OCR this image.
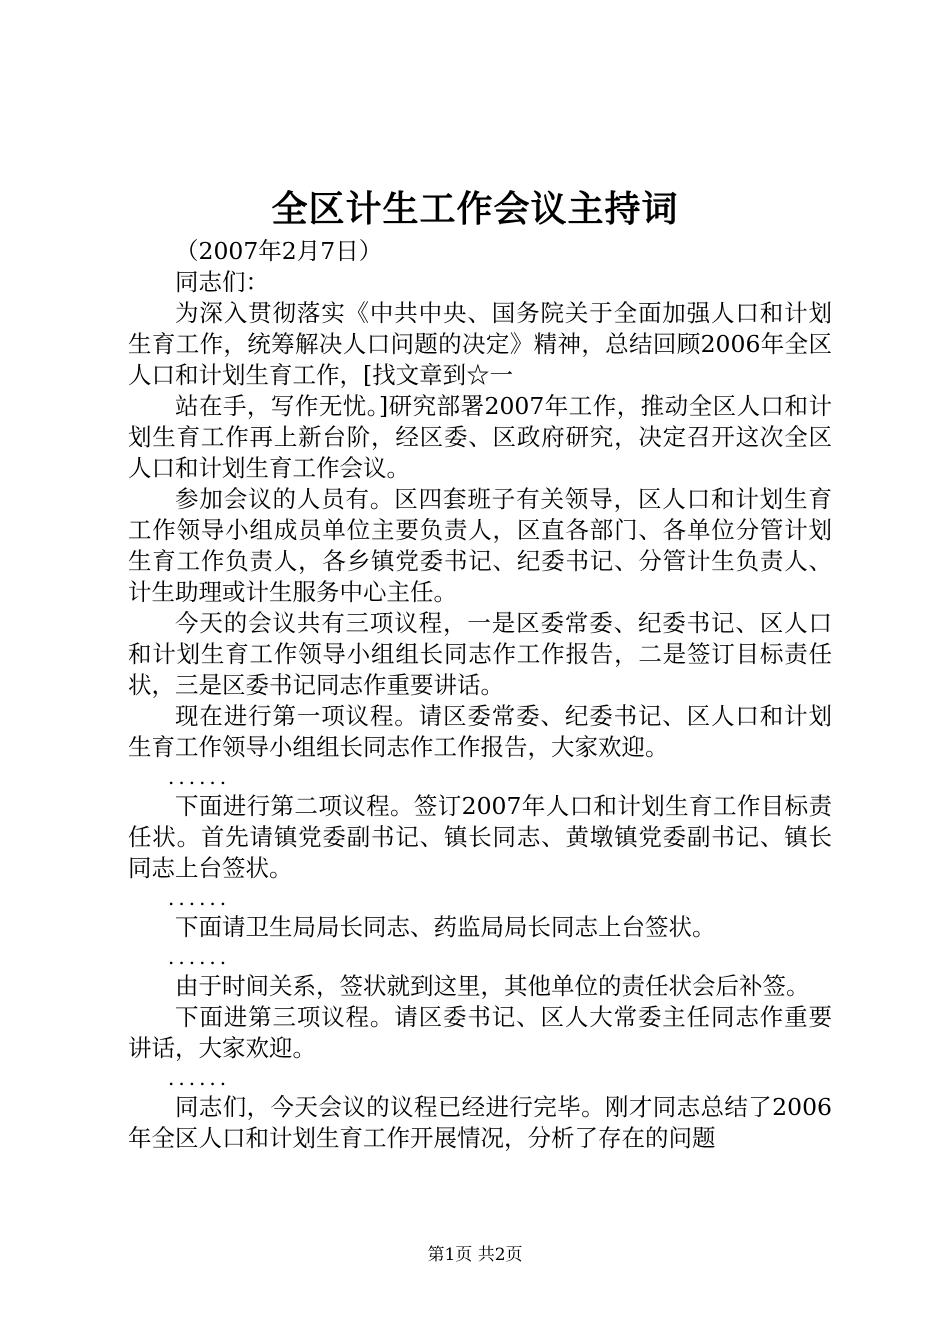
全区计生工作会议主持词

（2007年2月7日）

同志们：

为深入贯彻落实《中共中央、国务院关于全面加强人口和计划生育工作，统筹解决人口问题的决定》精神，总结回顾2006年全区人口和计划生育工作，[找文章到☆一

站在手，写作无忧。]研究部署2007年工作，推动全区人口和计划生育工作再上新台阶，经区委、区政府研究，决定召开这次全区人口和计划生育工作会议。

参加会议的人员有。区四套班子有关领导，区人口和计划生育工作领导小组成员单位主要负责人，区直各部门、各单位分管计划生育工作负责人，各乡镇党委书记、纪委书记、分管计生负责人、计生助理或计生服务中心主任。

今天的会议共有三项议程，一是区委常委、纪委书记、区人口和计划生育工作领导小组组长同志作工作报告，二是签订目标责任状，三是区委书记同志作重要讲话。

现在进行第一项议程。请区委常委、纪委书记、区人口和计划生育工作领导小组组长同志作工作报告，大家欢迎。

......

下面进行第二项议程。签订2007年人口和计划生育工作目标责任状。首先请镇党委副书记、镇长同志、黄墩镇党委副书记、镇长同志上台签状。

......

下面请卫生局局长同志、药监局局长同志上台签状。

......

由于时间关系，签状就到这里，其他单位的责任状会后补签。

下面进第三项议程。请区委书记、区人大常委主任同志作重要讲话，大家欢迎。

......

同志们，今天会议的议程已经进行完毕。刚才同志总结了2006年全区人口和计划生育工作开展情况，分析了存在的问题

第1页 共2页
